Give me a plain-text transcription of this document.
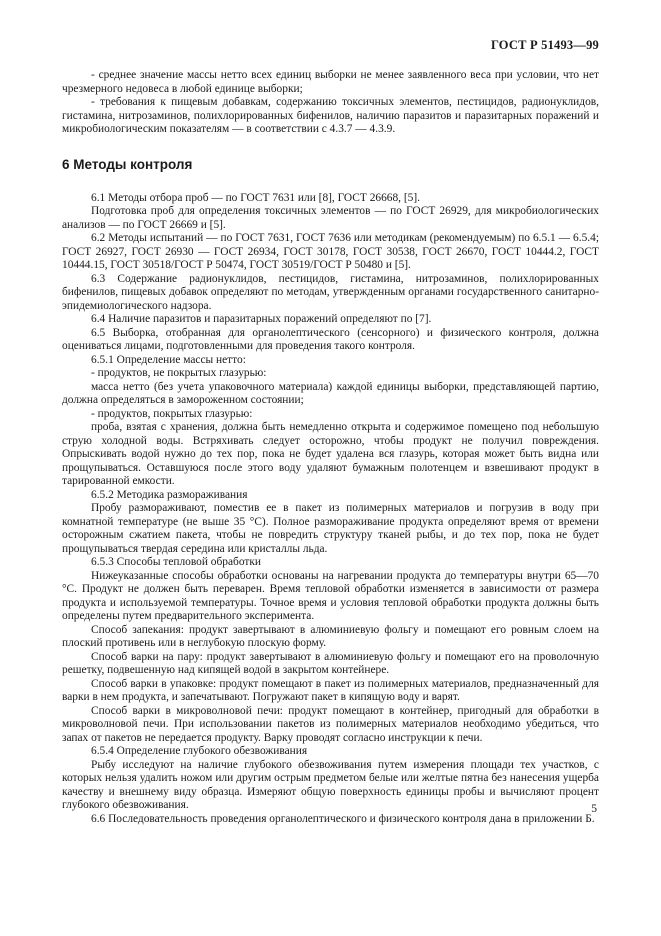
ГОСТ Р 51493—99

- среднее значение массы нетто всех единиц выборки не менее заявленного веса при условии, что нет чрезмерного недовеса в любой единице выборки;

- требования к пищевым добавкам, содержанию токсичных элементов, пестицидов, радионуклидов, гистамина, нитрозаминов, полихлорированных бифенилов, наличию паразитов и паразитарных поражений и микробиологическим показателям — в соответствии с 4.3.7 — 4.3.9.

6 Методы контроля

6.1 Методы отбора проб — по ГОСТ 7631 или [8], ГОСТ 26668, [5].

Подготовка проб для определения токсичных элементов — по ГОСТ 26929, для микробиологических анализов — по ГОСТ 26669 и [5].

6.2 Методы испытаний — по ГОСТ 7631, ГОСТ 7636 или методикам (рекомендуемым) по 6.5.1 — 6.5.4; ГОСТ 26927, ГОСТ 26930 — ГОСТ 26934, ГОСТ 30178, ГОСТ 30538, ГОСТ 26670, ГОСТ 10444.2, ГОСТ 10444.15, ГОСТ 30518/ГОСТ Р 50474, ГОСТ 30519/ГОСТ Р 50480 и [5].

6.3 Содержание радионуклидов, пестицидов, гистамина, нитрозаминов, полихлорированных бифенилов, пищевых добавок определяют по методам, утвержденным органами государственного санитарно-эпидемиологического надзора.

6.4 Наличие паразитов и паразитарных поражений определяют по [7].

6.5 Выборка, отобранная для органолептического (сенсорного) и физического контроля, должна оцениваться лицами, подготовленными для проведения такого контроля.

6.5.1 Определение массы нетто:

- продуктов, не покрытых глазурью:

масса нетто (без учета упаковочного материала) каждой единицы выборки, представляющей партию, должна определяться в замороженном состоянии;

- продуктов, покрытых глазурью:

проба, взятая с хранения, должна быть немедленно открыта и содержимое помещено под небольшую струю холодной воды. Встряхивать следует осторожно, чтобы продукт не получил повреждения. Опрыскивать водой нужно до тех пор, пока не будет удалена вся глазурь, которая может быть видна или прощупываться. Оставшуюся после этого воду удаляют бумажным полотенцем и взвешивают продукт в тарированной емкости.

6.5.2 Методика размораживания

Пробу размораживают, поместив ее в пакет из полимерных материалов и погрузив в воду при комнатной температуре (не выше 35 °С). Полное размораживание продукта определяют время от времени осторожным сжатием пакета, чтобы не повредить структуру тканей рыбы, и до тех пор, пока не будет прощупываться твердая середина или кристаллы льда.

6.5.3 Способы тепловой обработки

Нижеуказанные способы обработки основаны на нагревании продукта до температуры внутри 65—70 °С. Продукт не должен быть переварен. Время тепловой обработки изменяется в зависимости от размера продукта и используемой температуры. Точное время и условия тепловой обработки продукта должны быть определены путем предварительного эксперимента.

Способ запекания: продукт завертывают в алюминиевую фольгу и помещают его ровным слоем на плоский противень или в неглубокую плоскую форму.

Способ варки на пару: продукт завертывают в алюминиевую фольгу и помещают его на проволочную решетку, подвешенную над кипящей водой в закрытом контейнере.

Способ варки в упаковке: продукт помещают в пакет из полимерных материалов, предназначенный для варки в нем продукта, и запечатывают. Погружают пакет в кипящую воду и варят.

Способ варки в микроволновой печи: продукт помещают в контейнер, пригодный для обработки в микроволновой печи. При использовании пакетов из полимерных материалов необходимо убедиться, что запах от пакетов не передается продукту. Варку проводят согласно инструкции к печи.

6.5.4 Определение глубокого обезвоживания

Рыбу исследуют на наличие глубокого обезвоживания путем измерения площади тех участков, с которых нельзя удалить ножом или другим острым предметом белые или желтые пятна без нанесения ущерба качеству и внешнему виду образца. Измеряют общую поверхность единицы пробы и вычисляют процент глубокого обезвоживания.

6.6 Последовательность проведения органолептического и физического контроля дана в приложении Б.

5
